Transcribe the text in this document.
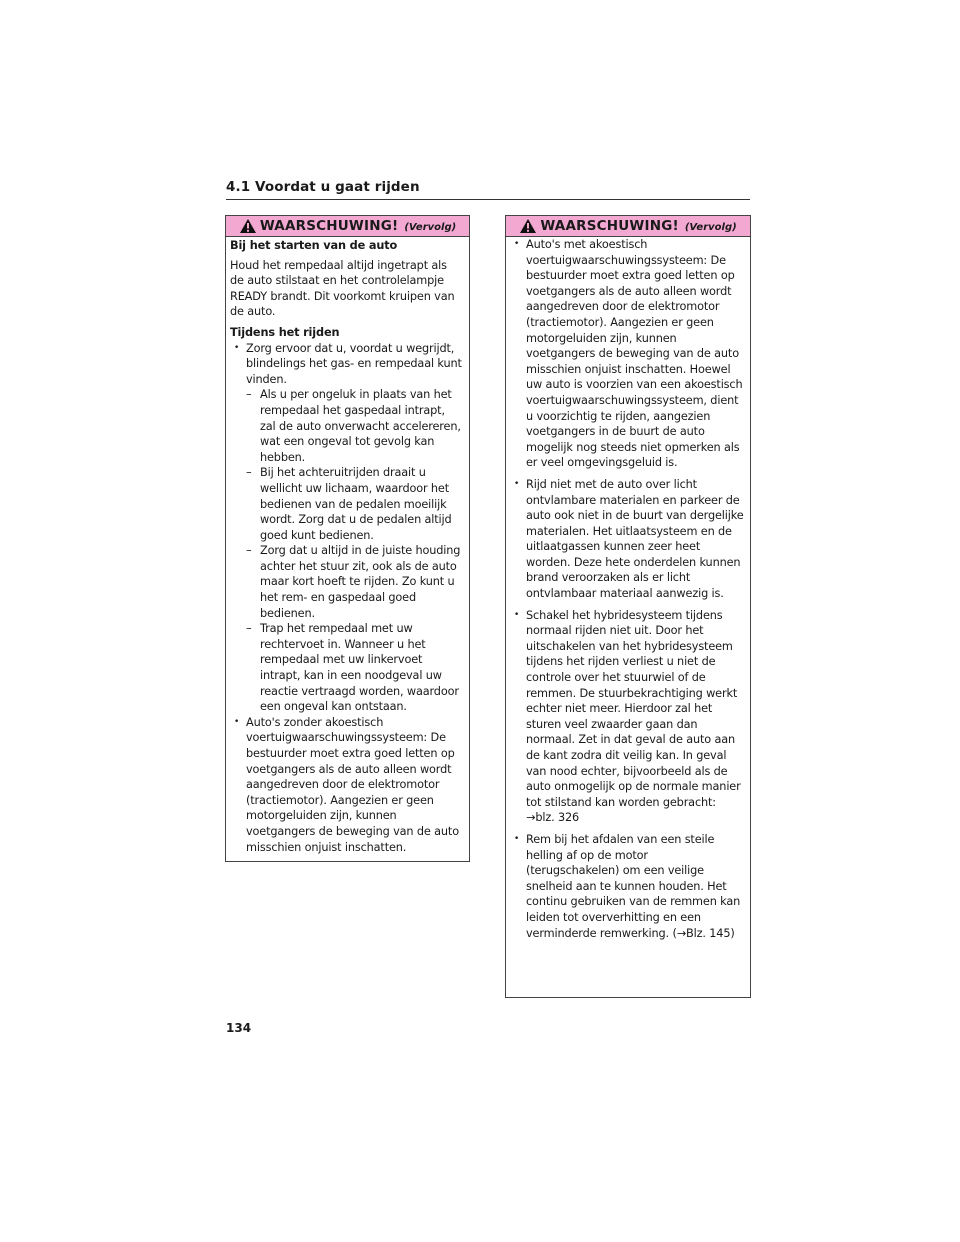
4.1 Voordat u gaat rijden
WAARSCHUWING! (Vervolg)
Bij het starten van de auto
Houd het rempedaal altijd ingetrapt als de auto stilstaat en het controlelampje READY brandt. Dit voorkomt kruipen van de auto.
Tijdens het rijden
• Zorg ervoor dat u, voordat u wegrijdt, blindelings het gas- en rempedaal kunt vinden.
– Als u per ongeluk in plaats van het rempedaal het gaspedaal intrapt, zal de auto onverwacht accelereren, wat een ongeval tot gevolg kan hebben.
– Bij het achteruitrijden draait u wellicht uw lichaam, waardoor het bedienen van de pedalen moeilijk wordt. Zorg dat u de pedalen altijd goed kunt bedienen.
– Zorg dat u altijd in de juiste houding achter het stuur zit, ook als de auto maar kort hoeft te rijden. Zo kunt u het rem- en gaspedaal goed bedienen.
– Trap het rempedaal met uw rechtervoet in. Wanneer u het rempedaal met uw linkervoet intrapt, kan in een noodgeval uw reactie vertraagd worden, waardoor een ongeval kan ontstaan.
• Auto's zonder akoestisch voertuigwaarschuwingssysteem: De bestuurder moet extra goed letten op voetgangers als de auto alleen wordt aangedreven door de elektromotor (tractiemotor). Aangezien er geen motorgeluiden zijn, kunnen voetgangers de beweging van de auto misschien onjuist inschatten.
WAARSCHUWING! (Vervolg)
• Auto's met akoestisch voertuigwaarschuwingssysteem: De bestuurder moet extra goed letten op voetgangers als de auto alleen wordt aangedreven door de elektromotor (tractiemotor). Aangezien er geen motorgeluiden zijn, kunnen voetgangers de beweging van de auto misschien onjuist inschatten. Hoewel uw auto is voorzien van een akoestisch voertuigwaarschuwingssysteem, dient u voorzichtig te rijden, aangezien voetgangers in de buurt de auto mogelijk nog steeds niet opmerken als er veel omgevingsgeluid is.
• Rijd niet met de auto over licht ontvlambare materialen en parkeer de auto ook niet in de buurt van dergelijke materialen. Het uitlaatsysteem en de uitlaatgassen kunnen zeer heet worden. Deze hete onderdelen kunnen brand veroorzaken als er licht ontvlambaar materiaal aanwezig is.
• Schakel het hybridesysteem tijdens normaal rijden niet uit. Door het uitschakelen van het hybridesysteem tijdens het rijden verliest u niet de controle over het stuurwiel of de remmen. De stuurbekrachtiging werkt echter niet meer. Hierdoor zal het sturen veel zwaarder gaan dan normaal. Zet in dat geval de auto aan de kant zodra dit veilig kan. In geval van nood echter, bijvoorbeeld als de auto onmogelijk op de normale manier tot stilstand kan worden gebracht: →blz. 326
• Rem bij het afdalen van een steile helling af op de motor (terugschakelen) om een veilige snelheid aan te kunnen houden. Het continu gebruiken van de remmen kan leiden tot oververhitting en een verminderde remwerking. (→Blz. 145)
134
